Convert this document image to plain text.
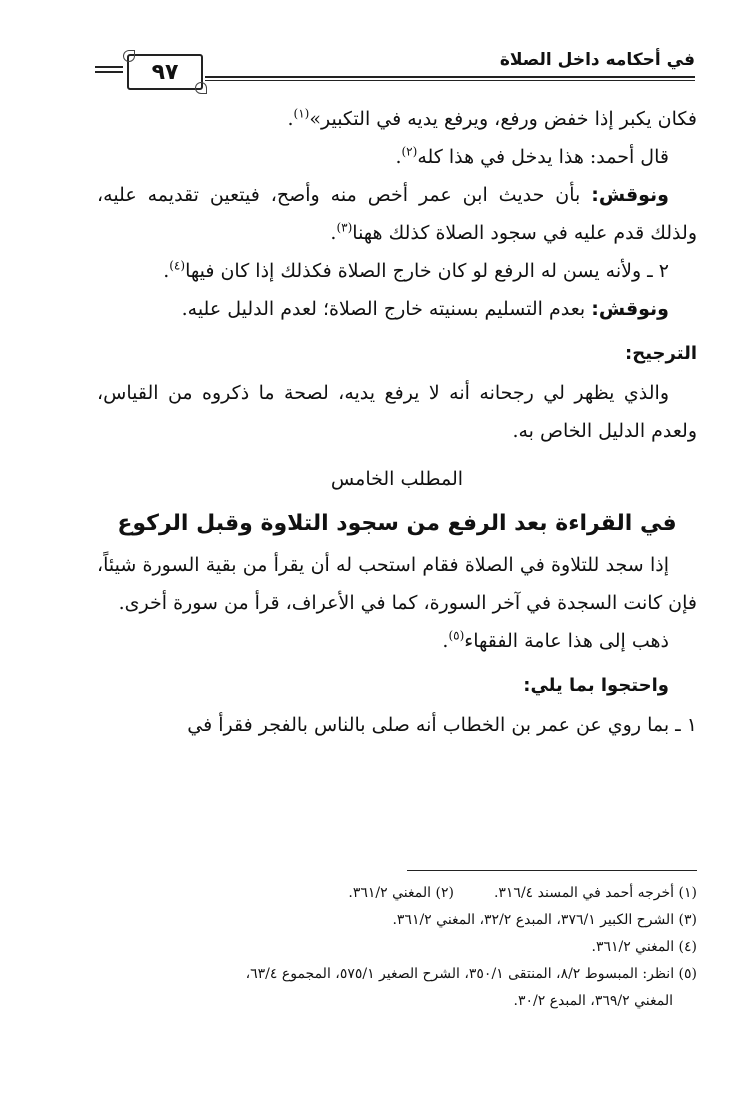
في أحكامه داخل الصلاة
٩٧

فكان يكبر إذا خفض ورفع، ويرفع يديه في التكبير»$^{(١)}$.

قال أحمد: هذا يدخل في هذا كله$^{(٢)}$.

ونوقش: بأن حديث ابن عمر أخص منه وأصح، فيتعين تقديمه عليه، ولذلك قدم عليه في سجود الصلاة كذلك ههنا$^{(٣)}$.

٢ ـ ولأنه يسن له الرفع لو كان خارج الصلاة فكذلك إذا كان فيها$^{(٤)}$.

ونوقش: بعدم التسليم بسنيته خارج الصلاة؛ لعدم الدليل عليه.

الترجيح:

والذي يظهر لي رجحانه أنه لا يرفع يديه، لصحة ما ذكروه من القياس، ولعدم الدليل الخاص به.

المطلب الخامس
في القراءة بعد الرفع من سجود التلاوة وقبل الركوع

إذا سجد للتلاوة في الصلاة فقام استحب له أن يقرأ من بقية السورة شيئاً، فإن كانت السجدة في آخر السورة، كما في الأعراف، قرأ من سورة أخرى.

ذهب إلى هذا عامة الفقهاء$^{(٥)}$.

واحتجوا بما يلي:

١ ـ بما روي عن عمر بن الخطاب أنه صلى بالناس بالفجر فقرأ في

(١) أخرجه أحمد في المسند ٣١٦/٤.(٢) المغني ٣٦١/٢.

(٣) الشرح الكبير ٣٧٦/١، المبدع ٣٢/٢، المغني ٣٦١/٢.

(٤) المغني ٣٦١/٢.

(٥) انظر: المبسوط ٨/٢، المنتقى ٣٥٠/١، الشرح الصغير ٥٧٥/١، المجموع ٦٣/٤،

المغني ٣٦٩/٢، المبدع ٣٠/٢.
